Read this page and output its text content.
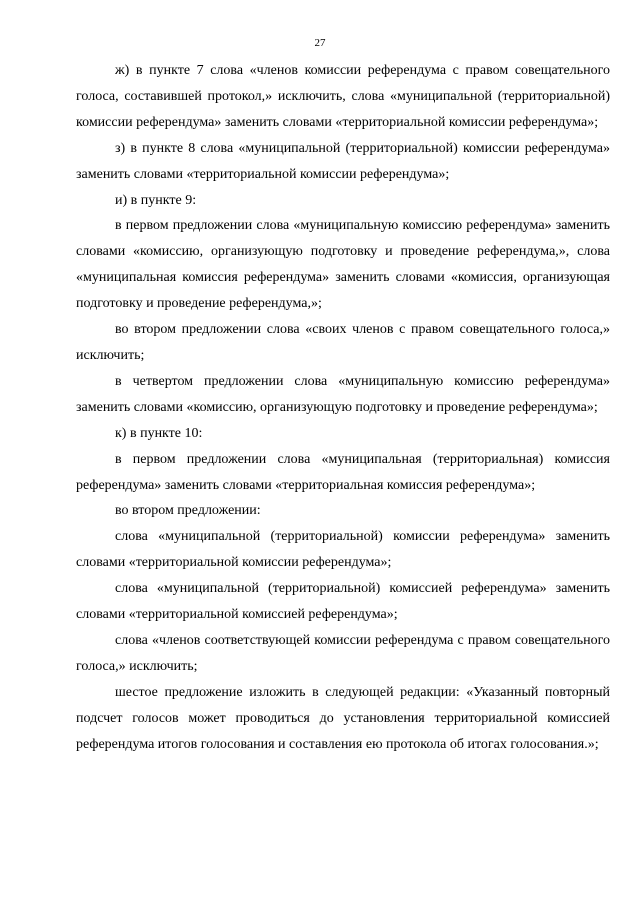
27

ж) в пункте 7 слова «членов комиссии референдума с правом совещательного голоса, составившей протокол,» исключить, слова «муниципальной (территориальной) комиссии референдума» заменить словами «территориальной комиссии референдума»;

з) в пункте 8 слова «муниципальной (территориальной) комиссии референдума» заменить словами «территориальной комиссии референдума»;

и) в пункте 9:

в первом предложении слова «муниципальную комиссию референдума» заменить словами «комиссию, организующую подготовку и проведение референдума,», слова «муниципальная комиссия референдума» заменить словами «комиссия, организующая подготовку и проведение референдума,»;

во втором предложении слова «своих членов с правом совещательного голоса,» исключить;

в четвертом предложении слова «муниципальную комиссию референдума» заменить словами «комиссию, организующую подготовку и проведение референдума»;

к) в пункте 10:

в первом предложении слова «муниципальная (территориальная) комиссия референдума» заменить словами «территориальная комиссия референдума»;

во втором предложении:

слова «муниципальной (территориальной) комиссии референдума» заменить словами «территориальной комиссии референдума»;

слова «муниципальной (территориальной) комиссией референдума» заменить словами «территориальной комиссией референдума»;

слова «членов соответствующей комиссии референдума с правом совещательного голоса,» исключить;

шестое предложение изложить в следующей редакции: «Указанный повторный подсчет голосов может проводиться до установления территориальной комиссией референдума итогов голосования и составления ею протокола об итогах голосования.»;
